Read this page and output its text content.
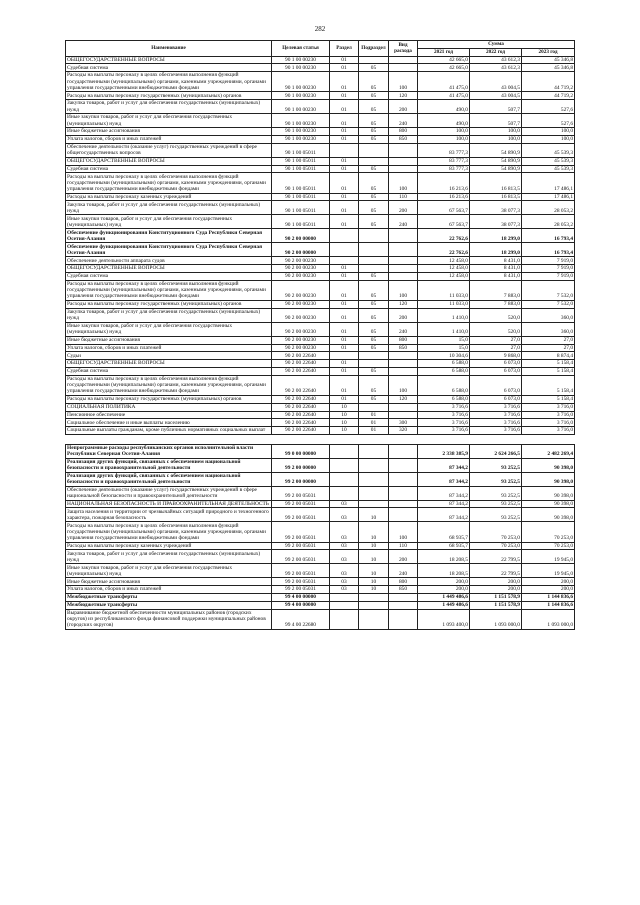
282
Наименование	Целевая статья	Раздел	Подраздел	Вид расхода	Сумма		
					2021 год	2022 год	2023 год
ОБЩЕГОСУДАРСТВЕННЫЕ ВОПРОСЫ	90 1 00 00230	01			42 665,0	43 612,3	45 346,8
Судебная система	90 1 00 00230	01	05		42 665,0	43 612,3	45 346,8
Расходы на выплаты персоналу в целях обеспечения выполнения функций государственными (муниципальными) органами, казенными учреждениями, органами управления государственными внебюджетными фондами	90 1 00 00230	01	05	100	41 475,0	43 004,5	44 719,2
Расходы на выплаты персоналу государственных (муниципальных) органов	90 1 00 00230	01	05	120	41 475,0	43 004,5	44 719,2
Закупка товаров, работ и услуг для обеспечения государственных (муниципальных) нужд	90 1 00 00230	01	05	200	490,0	507,7	527,6
Иные закупки товаров, работ и услуг для обеспечения государственных (муниципальных) нужд	90 1 00 00230	01	05	240	490,0	507,7	527,6
Иные бюджетные ассигнования	90 1 00 00230	01	05	800	100,0	100,0	100,0
Уплата налогов, сборов и иных платежей	90 1 00 00230	01	05	850	100,0	100,0	100,0
Обеспечение деятельности (оказание услуг) государственных учреждений в сфере общегосударственных вопросов	90 1 00 05011				83 777,3	54 890,9	45 539,3
ОБЩЕГОСУДАРСТВЕННЫЕ ВОПРОСЫ	90 1 00 05011	01			83 777,3	54 890,9	45 539,3
Судебная система	90 1 00 05011	01	05		83 777,3	54 890,9	45 539,3
Расходы на выплаты персоналу в целях обеспечения выполнения функций государственными (муниципальными) органами, казенными учреждениями, органами управления государственными внебюджетными фондами	90 1 00 05011	01	05	100	16 213,6	16 813,5	17 486,1
Расходы на выплаты персоналу казенных учреждений	90 1 00 05011	01	05	110	16 213,6	16 813,5	17 486,1
Закупка товаров, работ и услуг для обеспечения государственных (муниципальных) нужд	90 1 00 05011	01	05	200	67 563,7	38 077,3	28 053,2
Иные закупки товаров, работ и услуг для обеспечения государственных (муниципальных) нужд	90 1 00 05011	01	05	240	67 563,7	38 077,3	28 053,2
Обеспечение функционирования Конституционного Суда Республики Северная Осетия-Алания	90 2 00 00000				22 762,6	18 299,0	16 793,4
Обеспечение функционирования Конституционного Суда Республики Северная Осетия-Алания	90 2 00 00000				22 762,6	18 299,0	16 793,4
Обеспечение деятельности аппарата судов	90 2 00 00230				12 458,0	8 431,0	7 919,0
ОБЩЕГОСУДАРСТВЕННЫЕ ВОПРОСЫ	90 2 00 00230	01			12 458,0	8 431,0	7 919,0
Судебная система	90 2 00 00230	01	05		12 458,0	8 431,0	7 919,0
Расходы на выплаты персоналу в целях обеспечения выполнения функций государственными (муниципальными) органами, казенными учреждениями, органами управления государственными внебюджетными фондами	90 2 00 00230	01	05	100	11 033,0	7 883,0	7 532,0
Расходы на выплаты персоналу государственных (муниципальных) органов	90 2 00 00230	01	05	120	11 033,0	7 883,0	7 532,0
Закупка товаров, работ и услуг для обеспечения государственных (муниципальных) нужд	90 2 00 00230	01	05	200	1 410,0	520,0	360,0
Иные закупки товаров, работ и услуг для обеспечения государственных (муниципальных) нужд	90 2 00 00230	01	05	240	1 410,0	520,0	360,0
Иные бюджетные ассигнования	90 2 00 00230	01	05	800	15,0	27,0	27,0
Уплата налогов, сборов и иных платежей	90 2 00 00230	01	05	850	15,0	27,0	27,0
Судьи	90 2 00 22640				10 304,6	9 868,0	8 874,4
ОБЩЕГОСУДАРСТВЕННЫЕ ВОПРОСЫ	90 2 00 22640	01			6 588,0	6 073,0	5 158,4
Судебная система	90 2 00 22640	01	05		6 588,0	6 073,0	5 158,4
Расходы на выплаты персоналу в целях обеспечения выполнения функций государственными (муниципальными) органами, казенными учреждениями, органами управления государственными внебюджетными фондами	90 2 00 22640	01	05	100	6 588,0	6 073,0	5 158,4
Расходы на выплаты персоналу государственных (муниципальных) органов	90 2 00 22640	01	05	120	6 588,0	6 073,0	5 158,4
СОЦИАЛЬНАЯ ПОЛИТИКА	90 2 00 22640	10			3 716,6	3 716,6	3 716,0
Пенсионное обеспечение	90 2 00 22640	10	01		3 716,6	3 716,6	3 716,0
Социальное обеспечение и иные выплаты населению	90 2 00 22640	10	01	300	3 716,6	3 716,6	3 716,0
Социальные выплаты гражданам, кроме публичных нормативных социальных выплат	90 2 00 22640	10	01	320	3 716,6	3 716,6	3 716,0

Непрограммные расходы республиканских органов исполнительной власти Республики Северная Осетия-Алания	99 0 00 00000				2 338 385,9	2 624 266,5	2 482 269,4
Реализация других функций, связанных с обеспечением национальной безопасности и правоохранительной деятельности	99 2 00 00000				87 344,2	93 252,5	90 398,0
Реализация других функций, связанных с обеспечением национальной безопасности и правоохранительной деятельности	99 2 00 00000				87 344,2	93 252,5	90 398,0
Обеспечение деятельности (оказание услуг) государственных учреждений в сфере национальной безопасности и правоохранительной деятельности	99 2 00 05031				87 344,2	93 252,5	90 398,0
НАЦИОНАЛЬНАЯ БЕЗОПАСНОСТЬ И ПРАВООХРАНИТЕЛЬНАЯ ДЕЯТЕЛЬНОСТЬ	99 2 00 05031	03			87 344,2	93 252,5	90 398,0
Защита населения и территории от чрезвычайных ситуаций природного и техногенного характера, пожарная безопасность	99 2 00 05031	03	10		87 344,2	93 252,5	90 398,0
Расходы на выплаты персоналу в целях обеспечения выполнения функций государственными (муниципальными) органами, казенными учреждениями, органами управления государственными внебюджетными фондами	99 2 00 05031	03	10	100	68 935,7	70 253,0	70 253,0
Расходы на выплаты персоналу казенных учреждений	99 2 00 05031	03	10	110	68 935,7	70 253,0	70 253,0
Закупка товаров, работ и услуг для обеспечения государственных (муниципальных) нужд	99 2 00 05031	03	10	200	18 208,5	22 799,5	19 945,0
Иные закупки товаров, работ и услуг для обеспечения государственных (муниципальных) нужд	99 2 00 05031	03	10	240	18 208,5	22 799,5	19 945,0
Иные бюджетные ассигнования	99 2 00 05031	03	10	800	200,0	200,0	200,0
Уплата налогов, сборов и иных платежей	99 2 00 05031	03	10	850	200,0	200,0	200,0
Межбюджетные трансферты	99 4 00 00000				1 449 486,6	1 151 578,9	1 144 836,6
Межбюджетные трансферты	99 4 00 00000				1 449 486,6	1 151 578,9	1 144 836,6
Выравнивание бюджетной обеспеченности муниципальных районов (городских округов) из республиканского фонда финансовой поддержки муниципальных районов (городских округов)	99 4 00 22680				1 093 400,0	1 093 000,0	1 093 000,0
